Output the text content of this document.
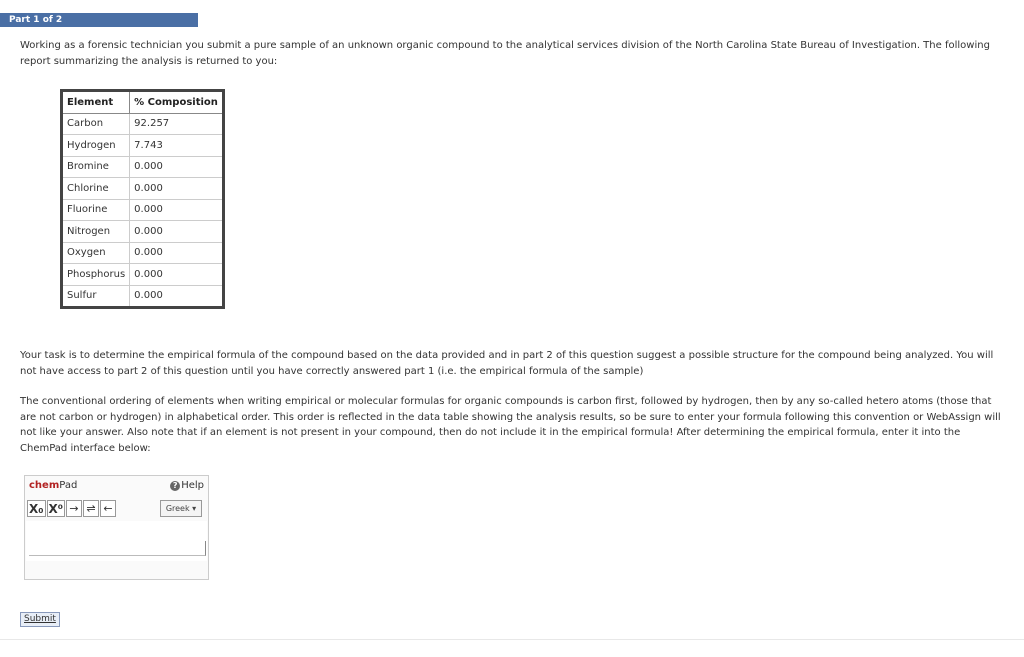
Part 1 of 2
Working as a forensic technician you submit a pure sample of an unknown organic compound to the analytical services division of the North Carolina State Bureau of Investigation. The following report summarizing the analysis is returned to you:
Element	% Composition
Carbon	92.257
Hydrogen	7.743
Bromine	0.000
Chlorine	0.000
Fluorine	0.000
Nitrogen	0.000
Oxygen	0.000
Phosphorus	0.000
Sulfur	0.000
Your task is to determine the empirical formula of the compound based on the data provided and in part 2 of this question suggest a possible structure for the compound being analyzed. You will not have access to part 2 of this question until you have correctly answered part 1 (i.e. the empirical formula of the sample)
The conventional ordering of elements when writing empirical or molecular formulas for organic compounds is carbon first, followed by hydrogen, then by any so-called hetero atoms (those that are not carbon or hydrogen) in alphabetical order. This order is reflected in the data table showing the analysis results, so be sure to enter your formula following this convention or WebAssign will not like your answer. Also note that if an element is not present in your compound, then do not include it in the empirical formula! After determining the empirical formula, enter it into the ChemPad interface below:
chemPad	? Help
X₀ X⁰ → ⇌ ←	Greek ▾
Submit
